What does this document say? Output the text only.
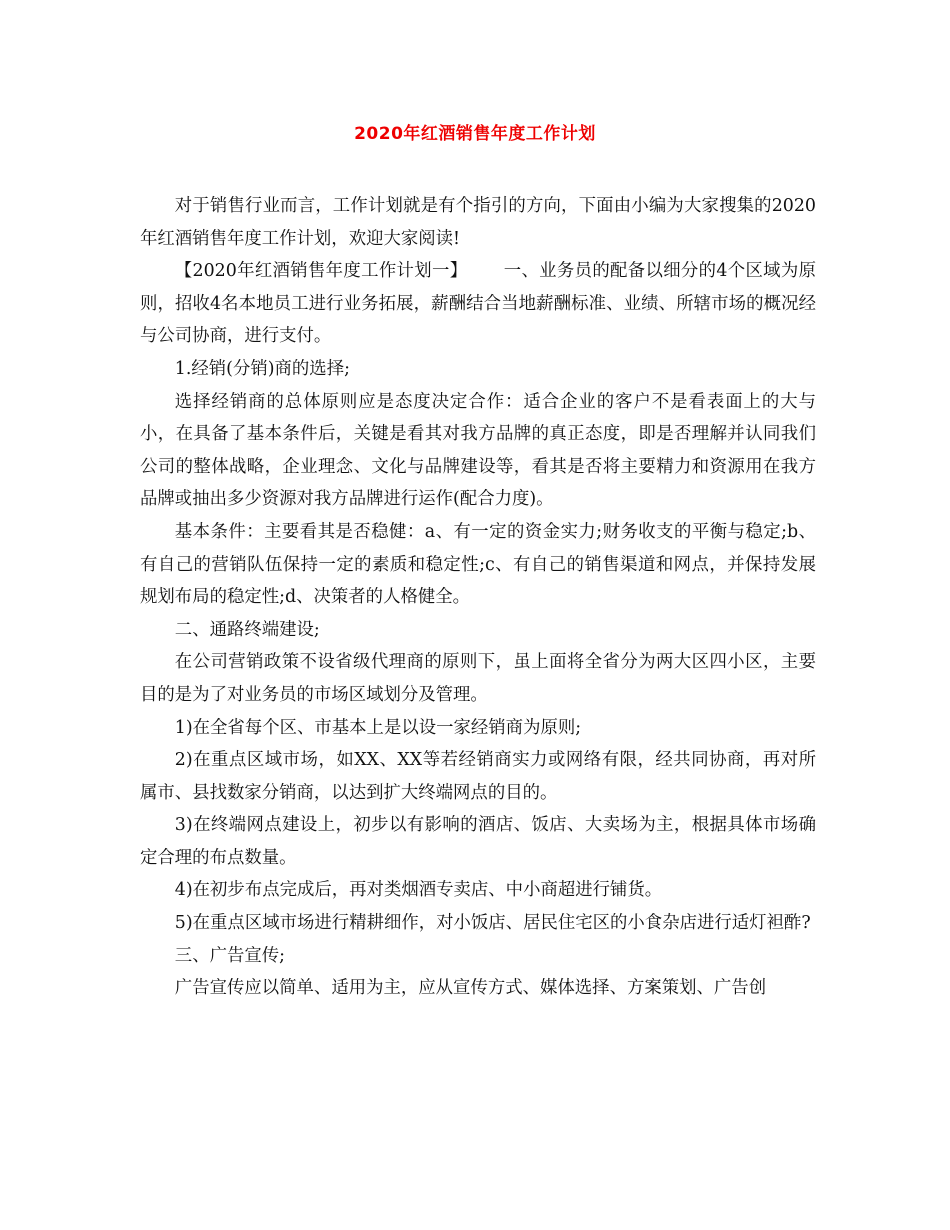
2020年红酒销售年度工作计划

对于销售行业而言，工作计划就是有个指引的方向，下面由小编为大家搜集的2020年红酒销售年度工作计划，欢迎大家阅读!

【2020年红酒销售年度工作计划一】 一、业务员的配备以细分的4个区域为原则，招收4名本地员工进行业务拓展，薪酬结合当地薪酬标准、业绩、所辖市场的概况经与公司协商，进行支付。

1.经销(分销)商的选择;

选择经销商的总体原则应是态度决定合作：适合企业的客户不是看表面上的大与小，在具备了基本条件后，关键是看其对我方品牌的真正态度，即是否理解并认同我们公司的整体战略，企业理念、文化与品牌建设等，看其是否将主要精力和资源用在我方品牌或抽出多少资源对我方品牌进行运作(配合力度)。

基本条件：主要看其是否稳健：a、有一定的资金实力;财务收支的平衡与稳定;b、有自己的营销队伍保持一定的素质和稳定性;c、有自己的销售渠道和网点，并保持发展规划布局的稳定性;d、决策者的人格健全。

二、通路终端建设;

在公司营销政策不设省级代理商的原则下，虽上面将全省分为两大区四小区，主要目的是为了对业务员的市场区域划分及管理。

1)在全省每个区、市基本上是以设一家经销商为原则;

2)在重点区域市场，如XX、XX等若经销商实力或网络有限，经共同协商，再对所属市、县找数家分销商，以达到扩大终端网点的目的。

3)在终端网点建设上，初步以有影响的酒店、饭店、大卖场为主，根据具体市场确定合理的布点数量。

4)在初步布点完成后，再对类烟酒专卖店、中小商超进行铺货。

5)在重点区域市场进行精耕细作，对小饭店、居民住宅区的小食杂店进行适灯袒酢?

三、广告宣传;

广告宣传应以简单、适用为主，应从宣传方式、媒体选择、方案策划、广告创
